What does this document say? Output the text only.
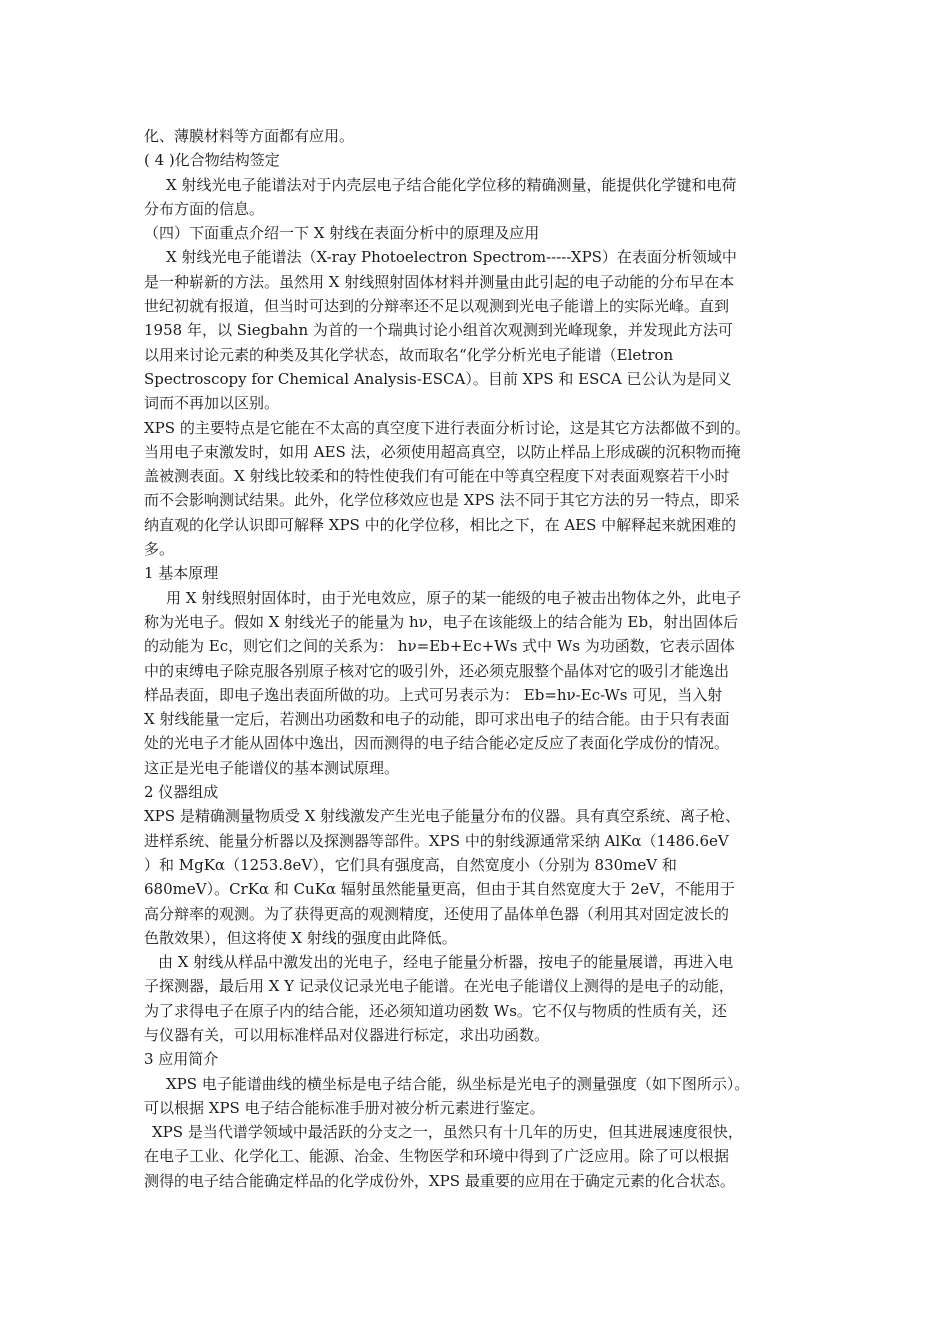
化、薄膜材料等方面都有应用。
( 4 )化合物结构签定
X 射线光电子能谱法对于内壳层电子结合能化学位移的精确测量，能提供化学键和电荷
分布方面的信息。
（四）下面重点介绍一下 X 射线在表面分析中的原理及应用
X 射线光电子能谱法（X-ray Photoelectron Spectrom-----XPS）在表面分析领域中
是一种崭新的方法。虽然用 X 射线照射固体材料并测量由此引起的电子动能的分布早在本
世纪初就有报道，但当时可达到的分辩率还不足以观测到光电子能谱上的实际光峰。直到
1958 年，以 Siegbahn 为首的一个瑞典讨论小组首次观测到光峰现象，并发现此方法可
以用来讨论元素的种类及其化学状态，故而取名“化学分析光电子能谱（Eletron
Spectroscopy for Chemical Analysis-ESCA）。目前 XPS 和 ESCA 已公认为是同义
词而不再加以区别。
XPS 的主要特点是它能在不太高的真空度下进行表面分析讨论，这是其它方法都做不到的。
当用电子束激发时，如用 AES 法，必须使用超高真空，以防止样品上形成碳的沉积物而掩
盖被测表面。X 射线比较柔和的特性使我们有可能在中等真空程度下对表面观察若干小时
而不会影响测试结果。此外，化学位移效应也是 XPS 法不同于其它方法的另一特点，即采
纳直观的化学认识即可解释 XPS 中的化学位移，相比之下，在 AES 中解释起来就困难的
多。
1 基本原理
用 X 射线照射固体时，由于光电效应，原子的某一能级的电子被击出物体之外，此电子
称为光电子。假如 X 射线光子的能量为 hν，电子在该能级上的结合能为 Eb，射出固体后
的动能为 Ec，则它们之间的关系为： hν=Eb+Ec+Ws 式中 Ws 为功函数，它表示固体
中的束缚电子除克服各别原子核对它的吸引外，还必须克服整个晶体对它的吸引才能逸出
样品表面，即电子逸出表面所做的功。上式可另表示为： Eb=hν-Ec-Ws 可见，当入射
X 射线能量一定后，若测出功函数和电子的动能，即可求出电子的结合能。由于只有表面
处的光电子才能从固体中逸出，因而测得的电子结合能必定反应了表面化学成份的情况。
这正是光电子能谱仪的基本测试原理。
2 仪器组成
XPS 是精确测量物质受 X 射线激发产生光电子能量分布的仪器。具有真空系统、离子枪、
进样系统、能量分析器以及探测器等部件。XPS 中的射线源通常采纳 AlKα（1486.6eV
）和 MgKα（1253.8eV），它们具有强度高，自然宽度小（分别为 830meV 和
680meV）。CrKα 和 CuKα 辐射虽然能量更高，但由于其自然宽度大于 2eV，不能用于
高分辩率的观测。为了获得更高的观测精度，还使用了晶体单色器（利用其对固定波长的
色散效果），但这将使 X 射线的强度由此降低。
由 X 射线从样品中激发出的光电子，经电子能量分析器，按电子的能量展谱，再进入电
子探测器，最后用 X Y 记录仪记录光电子能谱。在光电子能谱仪上测得的是电子的动能，
为了求得电子在原子内的结合能，还必须知道功函数 Ws。它不仅与物质的性质有关，还
与仪器有关，可以用标准样品对仪器进行标定，求出功函数。
3 应用简介
XPS 电子能谱曲线的横坐标是电子结合能，纵坐标是光电子的测量强度（如下图所示）。
可以根据 XPS 电子结合能标准手册对被分析元素进行鉴定。
XPS 是当代谱学领域中最活跃的分支之一，虽然只有十几年的历史，但其进展速度很快，
在电子工业、化学化工、能源、冶金、生物医学和环境中得到了广泛应用。除了可以根据
测得的电子结合能确定样品的化学成份外，XPS 最重要的应用在于确定元素的化合状态。
